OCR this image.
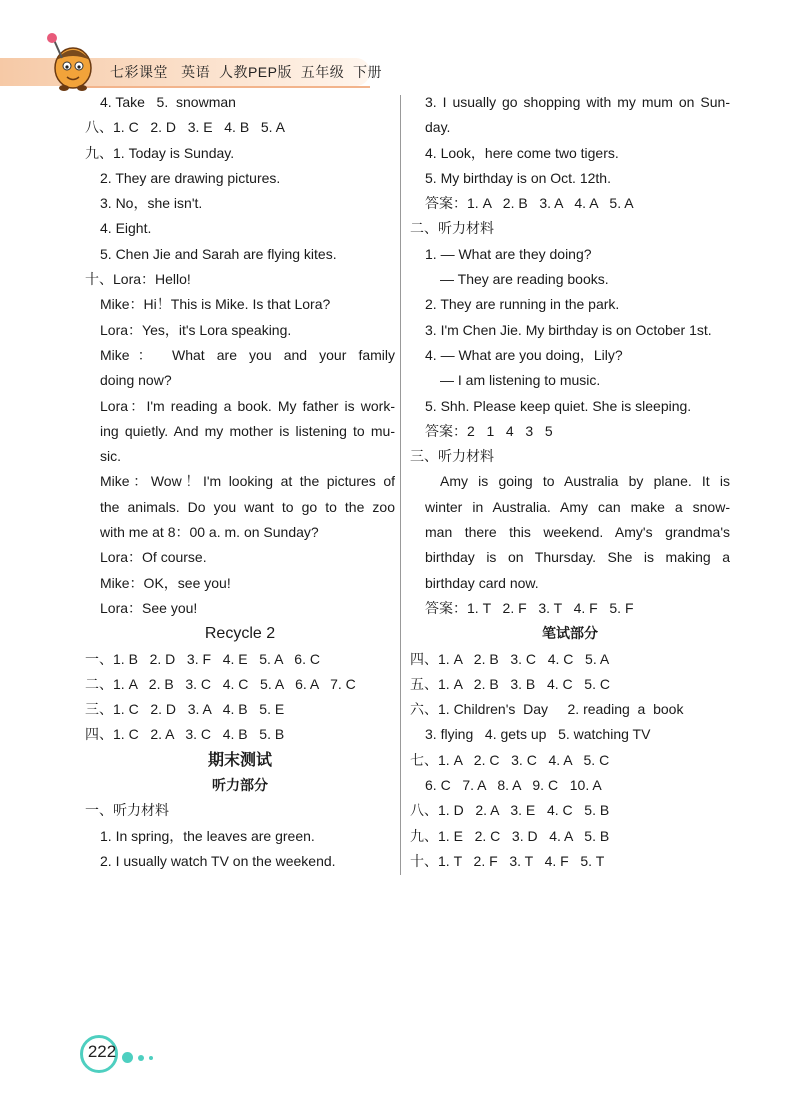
七彩课堂   英语  人教PEP版  五年级  下册
4. Take   5.  snowman
八、1. C   2. D   3. E   4. B   5. A
九、1. Today is Sunday.
2. They are drawing pictures.
3. No，she isn't.
4. Eight.
5. Chen Jie and Sarah are flying kites.
十、Lora：Hello!
Mike：Hi！This is Mike. Is that Lora?
Lora：Yes，it's Lora speaking.
Mike： What are you and your family
doing now?
Lora：I'm reading a book. My father is work-
ing quietly. And my mother is listening to mu-
sic.
Mike：Wow！I'm looking at the pictures of
the animals. Do you want to go to the zoo
with me at 8：00 a. m. on Sunday?
Lora：Of course.
Mike：OK，see you!
Lora：See you!
Recycle 2
一、1. B   2. D   3. F   4. E   5. A   6. C
二、1. A   2. B   3. C   4. C   5. A   6. A   7. C
三、1. C   2. D   3. A   4. B   5. E
四、1. C   2. A   3. C   4. B   5. B
期末测试
听力部分
一、听力材料
1. In spring，the leaves are green.
2. I usually watch TV on the weekend.
3. I usually go shopping with my mum on Sun-
day.
4. Look，here come two tigers.
5. My birthday is on Oct. 12th.
答案：1. A   2. B   3. A   4. A   5. A
二、听力材料
1. — What are they doing?
— They are reading books.
2. They are running in the park.
3. I'm Chen Jie. My birthday is on October 1st.
4. — What are you doing，Lily?
— I am listening to music.
5. Shh. Please keep quiet. She is sleeping.
答案：2   1   4   3   5
三、听力材料
Amy is going to Australia by plane. It is
winter in Australia. Amy can make a snow-
man there this weekend. Amy's grandma's
birthday is on Thursday. She is making a
birthday card now.
答案：1. T   2. F   3. T   4. F   5. F
笔试部分
四、1. A   2. B   3. C   4. C   5. A
五、1. A   2. B   3. B   4. C   5. C
六、1. Children's  Day     2. reading  a  book
3. flying   4. gets up   5. watching TV
七、1. A   2. C   3. C   4. A   5. C
6. C   7. A   8. A   9. C   10. A
八、1. D   2. A   3. E   4. C   5. B
九、1. E   2. C   3. D   4. A   5. B
十、1. T   2. F   3. T   4. F   5. T
222
